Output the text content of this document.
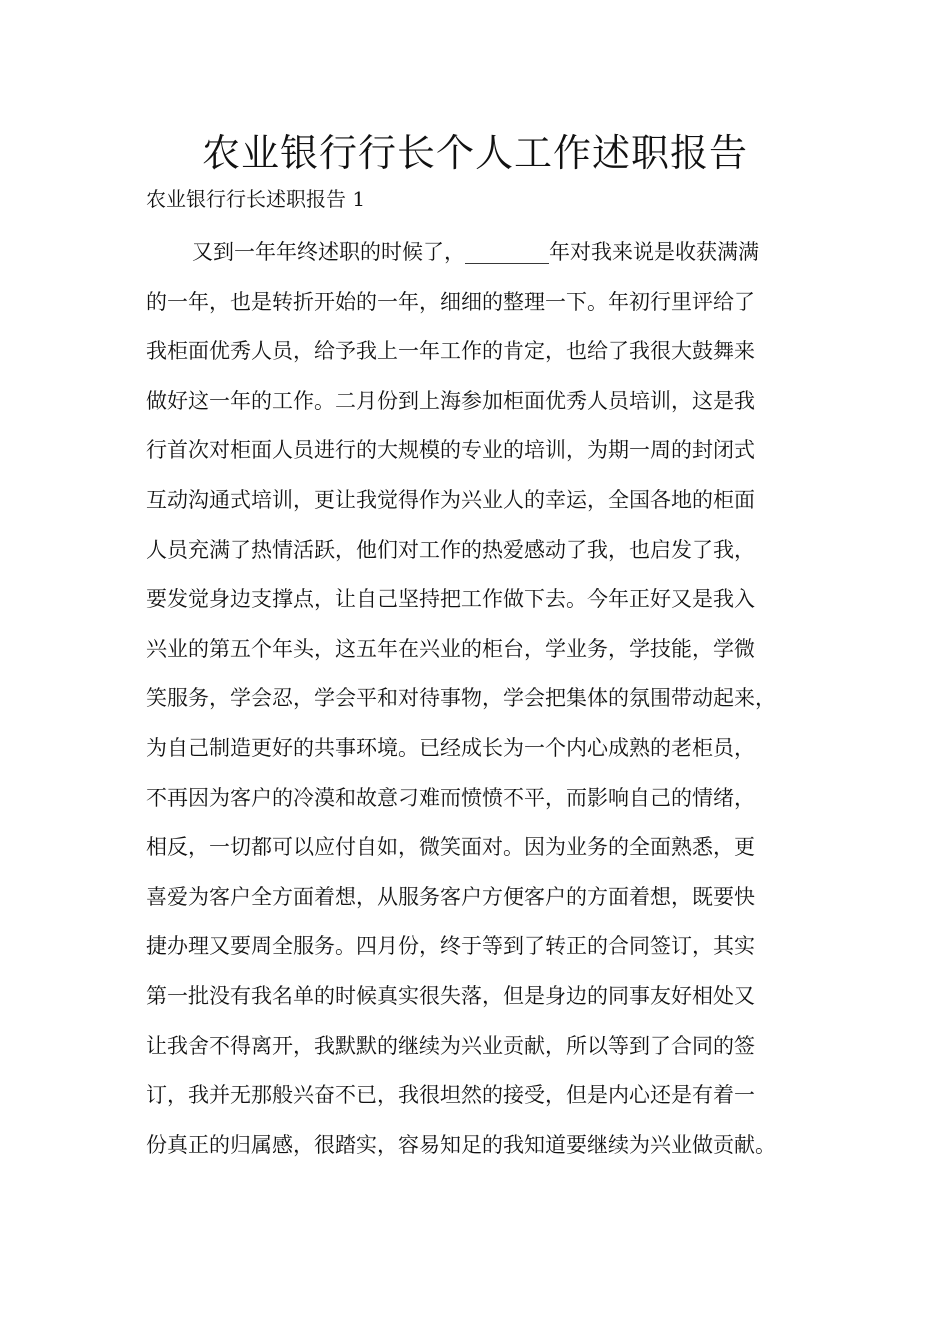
农业银行行长个人工作述职报告

农业银行行长述职报告 1

又到一年年终述职的时候了，________年对我来说是收获满满
的一年，也是转折开始的一年，细细的整理一下。年初行里评给了
我柜面优秀人员，给予我上一年工作的肯定，也给了我很大鼓舞来
做好这一年的工作。二月份到上海参加柜面优秀人员培训，这是我
行首次对柜面人员进行的大规模的专业的培训，为期一周的封闭式
互动沟通式培训，更让我觉得作为兴业人的幸运，全国各地的柜面
人员充满了热情活跃，他们对工作的热爱感动了我，也启发了我，
要发觉身边支撑点，让自己坚持把工作做下去。今年正好又是我入
兴业的第五个年头，这五年在兴业的柜台，学业务，学技能，学微
笑服务，学会忍，学会平和对待事物，学会把集体的氛围带动起来，
为自己制造更好的共事环境。已经成长为一个内心成熟的老柜员，
不再因为客户的冷漠和故意刁难而愤愤不平，而影响自己的情绪，
相反，一切都可以应付自如，微笑面对。因为业务的全面熟悉，更
喜爱为客户全方面着想，从服务客户方便客户的方面着想，既要快
捷办理又要周全服务。四月份，终于等到了转正的合同签订，其实
第一批没有我名单的时候真实很失落，但是身边的同事友好相处又
让我舍不得离开，我默默的继续为兴业贡献，所以等到了合同的签
订，我并无那般兴奋不已，我很坦然的接受，但是内心还是有着一
份真正的归属感，很踏实，容易知足的我知道要继续为兴业做贡献。
